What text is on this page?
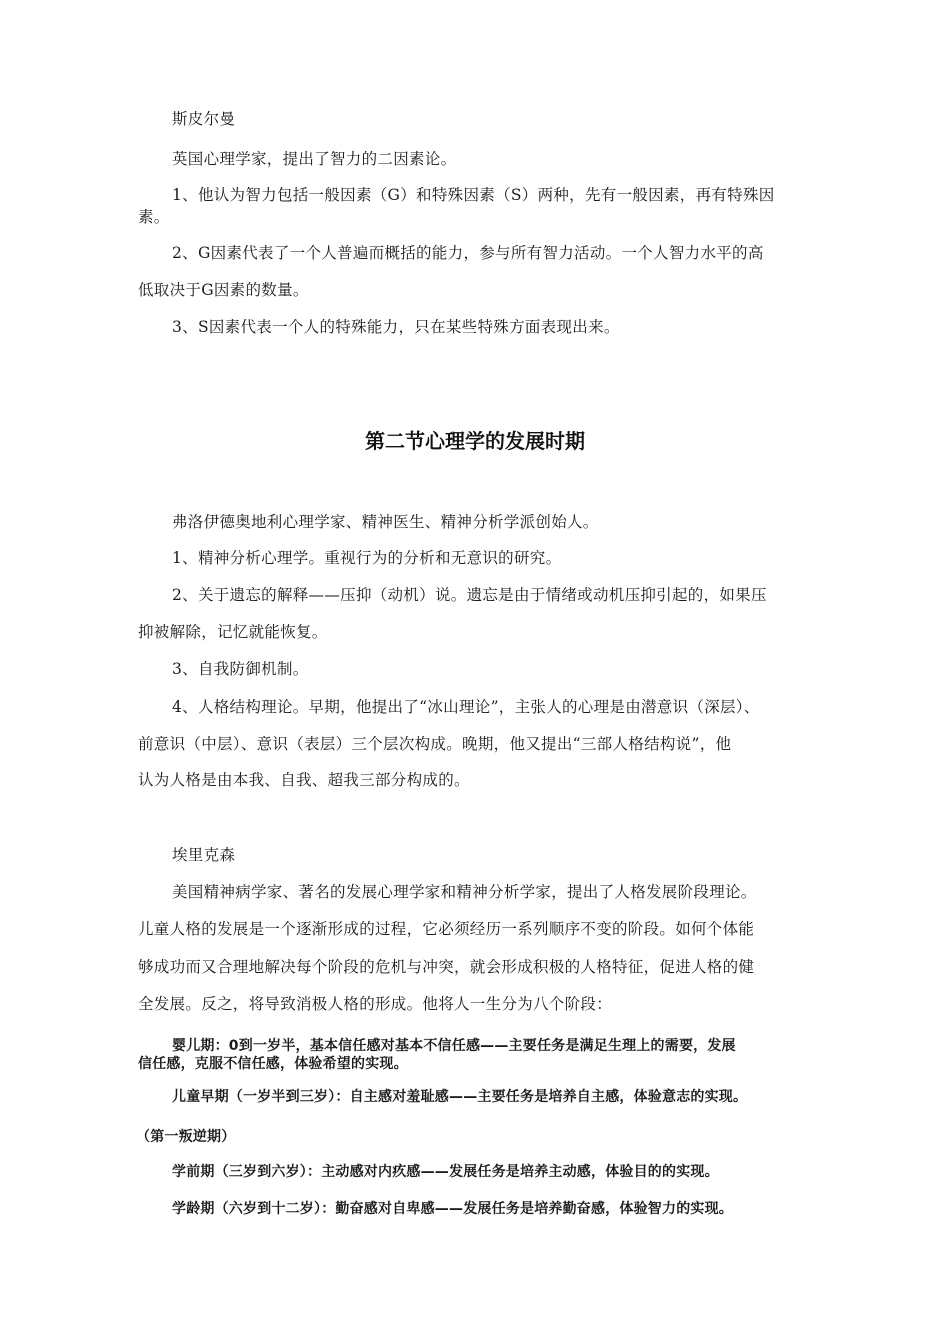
斯皮尔曼
英国心理学家，提出了智力的二因素论。
1、他认为智力包括一般因素（G）和特殊因素（S）两种，先有一般因素，再有特殊因
素。
2、G因素代表了一个人普遍而概括的能力，参与所有智力活动。一个人智力水平的高
低取决于G因素的数量。
3、S因素代表一个人的特殊能力，只在某些特殊方面表现出来。
第二节心理学的发展时期
弗洛伊德奥地利心理学家、精神医生、精神分析学派创始人。
1、精神分析心理学。重视行为的分析和无意识的研究。
2、关于遗忘的解释——压抑（动机）说。遗忘是由于情绪或动机压抑引起的，如果压
抑被解除，记忆就能恢复。
3、自我防御机制。
4、人格结构理论。早期，他提出了“冰山理论”，主张人的心理是由潜意识（深层）、
前意识（中层）、意识（表层）三个层次构成。晚期，他又提出“三部人格结构说”，他
认为人格是由本我、自我、超我三部分构成的。
埃里克森
美国精神病学家、著名的发展心理学家和精神分析学家，提出了人格发展阶段理论。
儿童人格的发展是一个逐渐形成的过程，它必须经历一系列顺序不变的阶段。如何个体能
够成功而又合理地解决每个阶段的危机与冲突，就会形成积极的人格特征，促进人格的健
全发展。反之，将导致消极人格的形成。他将人一生分为八个阶段：
婴儿期：0到一岁半，基本信任感对基本不信任感——主要任务是满足生理上的需要，发展
信任感，克服不信任感，体验希望的实现。
儿童早期（一岁半到三岁）：自主感对羞耻感——主要任务是培养自主感，体验意志的实现。
（第一叛逆期）
学前期（三岁到六岁）：主动感对内疚感——发展任务是培养主动感，体验目的的实现。
学龄期（六岁到十二岁）：勤奋感对自卑感——发展任务是培养勤奋感，体验智力的实现。
